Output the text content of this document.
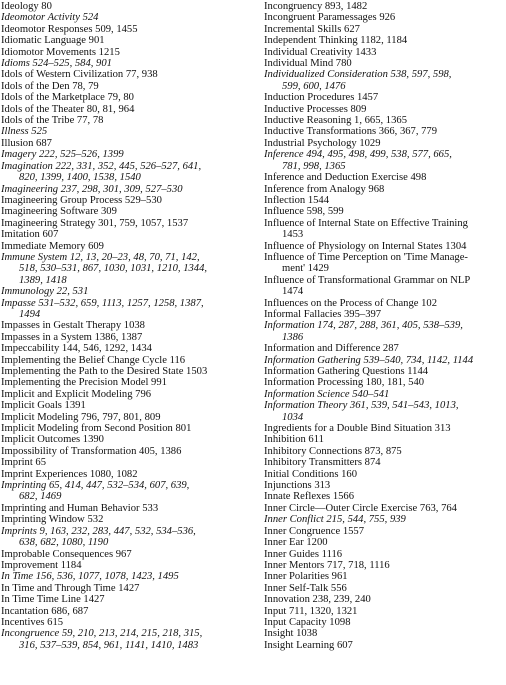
Ideology 80
Ideomotor Activity 524
Ideomotor Responses 509, 1455
Idiomatic Language 901
Idiomotor Movements 1215
Idioms 524–525, 584, 901
Idols of Western Civilization 77, 938
Idols of the Den 78, 79
Idols of the Marketplace 79, 80
Idols of the Theater 80, 81, 964
Idols of the Tribe 77, 78
Illness 525
Illusion 687
Imagery 222, 525–526, 1399
Imagination 222, 331, 352, 445, 526–527, 641,
820, 1399, 1400, 1538, 1540
Imagineering 237, 298, 301, 309, 527–530
Imagineering Group Process 529–530
Imagineering Software 309
Imagineering Strategy 301, 759, 1057, 1537
Imitation 607
Immediate Memory 609
Immune System 12, 13, 20–23, 48, 70, 71, 142,
518, 530–531, 867, 1030, 1031, 1210, 1344,
1389, 1418
Immunology 22, 531
Impasse 531–532, 659, 1113, 1257, 1258, 1387,
1494
Impasses in Gestalt Therapy 1038
Impasses in a System 1386, 1387
Impeccability 144, 546, 1292, 1434
Implementing the Belief Change Cycle 116
Implementing the Path to the Desired State 1503
Implementing the Precision Model 991
Implicit and Explicit Modeling 796
Implicit Goals 1391
Implicit Modeling 796, 797, 801, 809
Implicit Modeling from Second Position 801
Implicit Outcomes 1390
Impossibility of Transformation 405, 1386
Imprint 65
Imprint Experiences 1080, 1082
Imprinting 65, 414, 447, 532–534, 607, 639,
682, 1469
Imprinting and Human Behavior 533
Imprinting Window 532
Imprints 9, 163, 232, 283, 447, 532, 534–536,
638, 682, 1080, 1190
Improbable Consequences 967
Improvement 1184
In Time 156, 536, 1077, 1078, 1423, 1495
In Time and Through Time 1427
In Time Time Line 1427
Incantation 686, 687
Incentives 615
Incongruence 59, 210, 213, 214, 215, 218, 315,
316, 537–539, 854, 961, 1141, 1410, 1483
Incongruency 893, 1482
Incongruent Paramessages 926
Incremental Skills 627
Independent Thinking 1182, 1184
Individual Creativity 1433
Individual Mind 780
Individualized Consideration 538, 597, 598,
599, 600, 1476
Induction Procedures 1457
Inductive Processes 809
Inductive Reasoning 1, 665, 1365
Inductive Transformations 366, 367, 779
Industrial Psychology 1029
Inference 494, 495, 498, 499, 538, 577, 665,
781, 998, 1365
Inference and Deduction Exercise 498
Inference from Analogy 968
Inflection 1544
Influence 598, 599
Influence of Internal State on Effective Training
1453
Influence of Physiology on Internal States 1304
Influence of Time Perception on 'Time Manage-
ment' 1429
Influence of Transformational Grammar on NLP
1474
Influences on the Process of Change 102
Informal Fallacies 395–397
Information 174, 287, 288, 361, 405, 538–539,
1386
Information and Difference 287
Information Gathering 539–540, 734, 1142, 1144
Information Gathering Questions 1144
Information Processing 180, 181, 540
Information Science 540–541
Information Theory 361, 539, 541–543, 1013,
1034
Ingredients for a Double Bind Situation 313
Inhibition 611
Inhibitory Connections 873, 875
Inhibitory Transmitters 874
Initial Conditions 160
Injunctions 313
Innate Reflexes 1566
Inner Circle—Outer Circle Exercise 763, 764
Inner Conflict 215, 544, 755, 939
Inner Congruence 1557
Inner Ear 1200
Inner Guides 1116
Inner Mentors 717, 718, 1116
Inner Polarities 961
Inner Self-Talk 556
Innovation 238, 239, 240
Input 711, 1320, 1321
Input Capacity 1098
Insight 1038
Insight Learning 607
